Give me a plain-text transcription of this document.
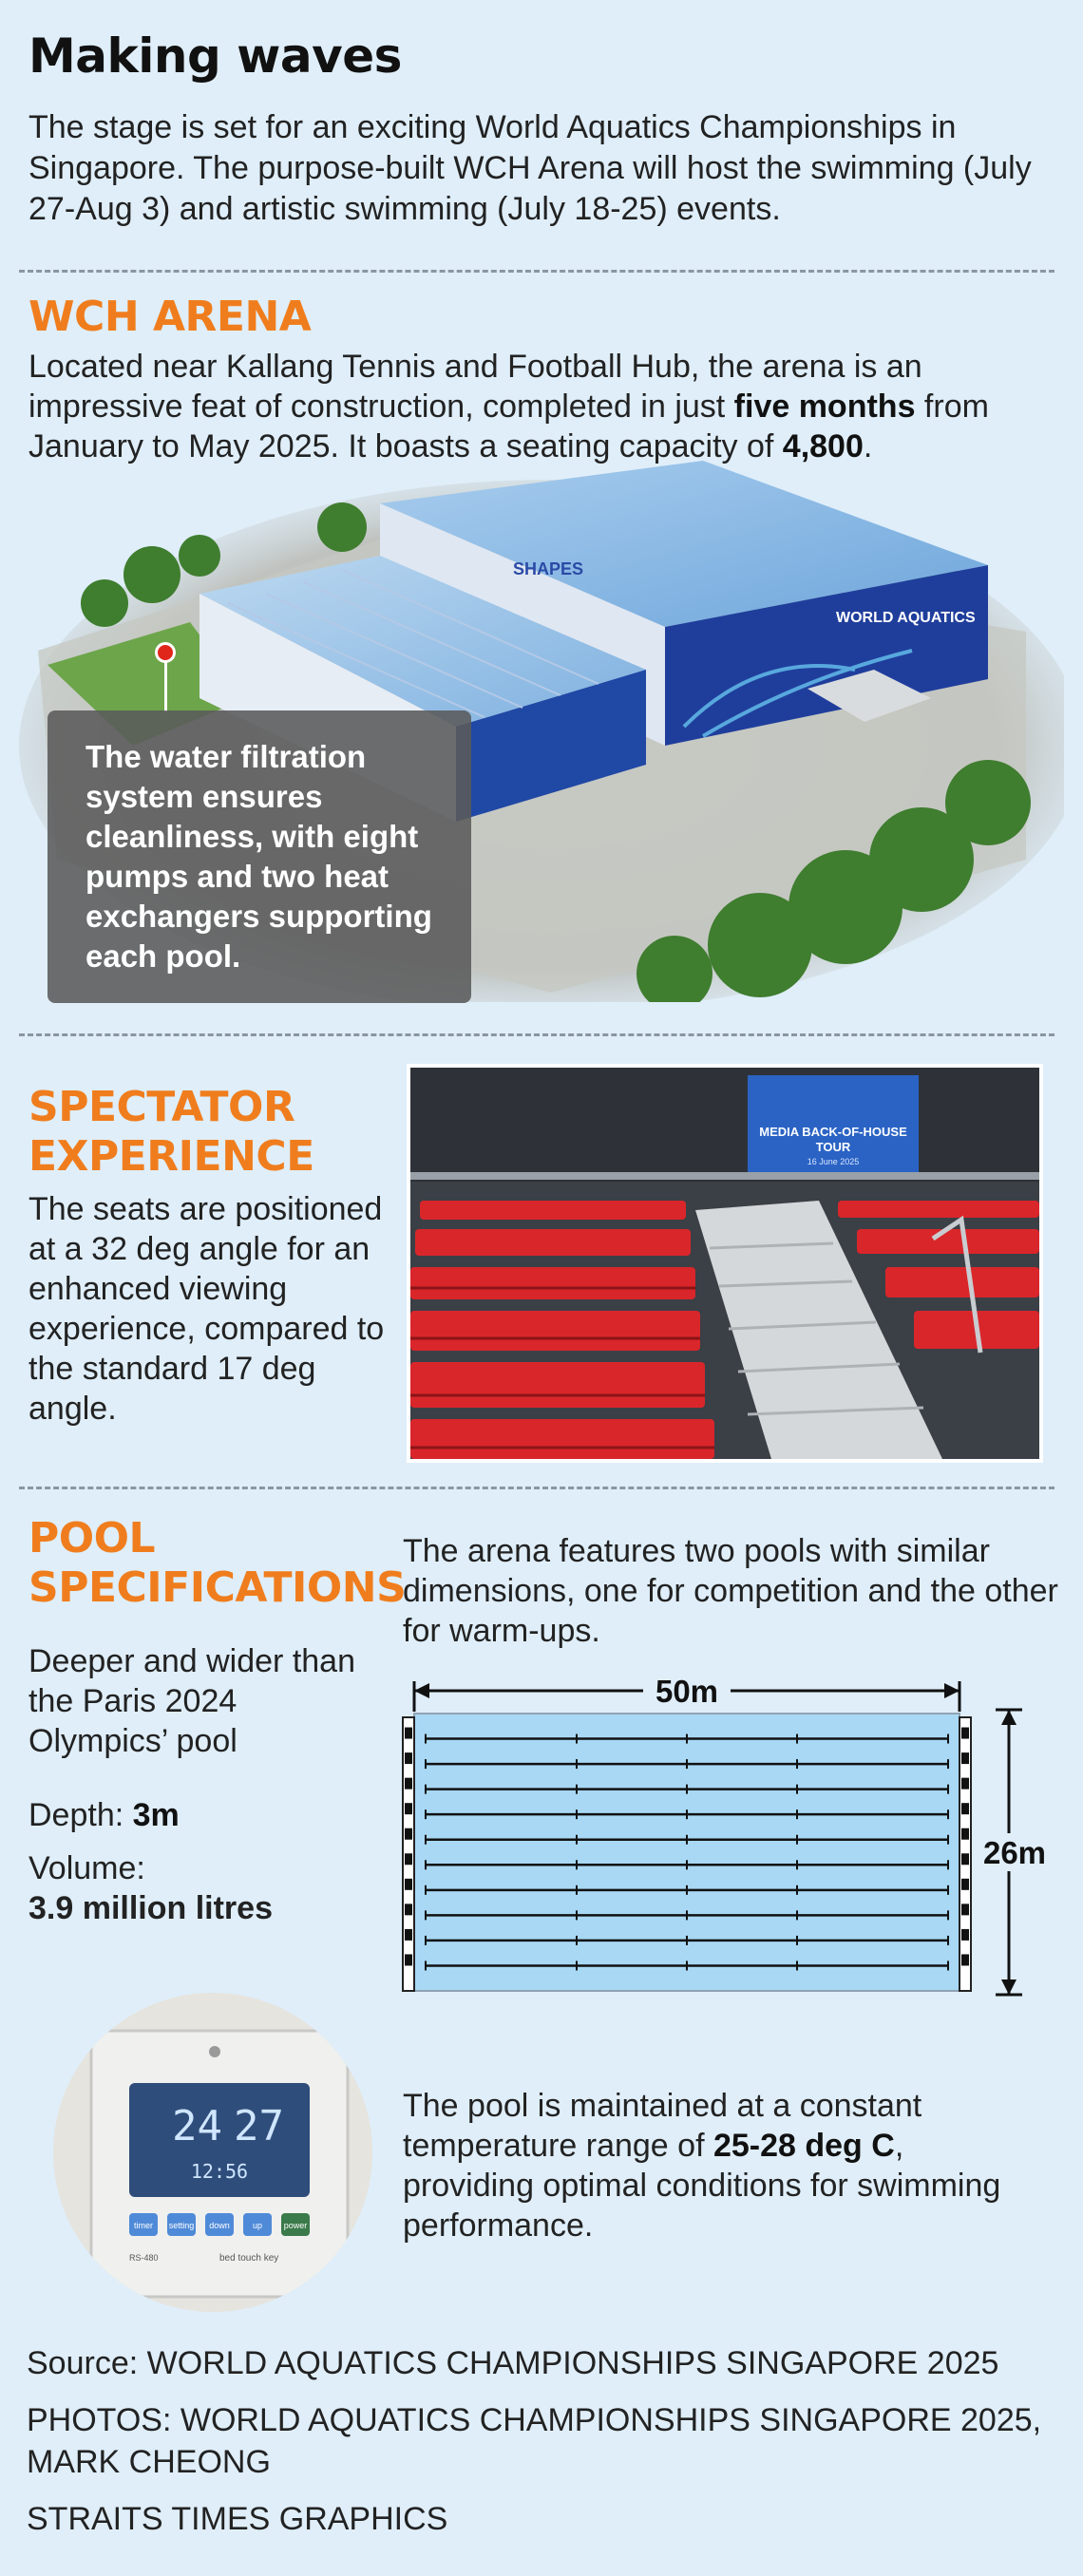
Making waves

The stage is set for an exciting World Aquatics Championships in Singapore. The purpose-built WCH Arena will host the swimming (July 27-Aug 3) and artistic swimming (July 18-25) events.

WCH ARENA

Located near Kallang Tennis and Football Hub, the arena is an impressive feat of construction, completed in just five months from January to May 2025. It boasts a seating capacity of 4,800.

WORLD AQUATICS
SHAPES
The water filtration system ensures cleanliness, with eight pumps and two heat exchangers supporting each pool.
SPECTATOR
EXPERIENCE

The seats are positioned at a 32 deg angle for an enhanced viewing experience, compared to the standard 17 deg angle.

MEDIA BACK-OF-HOUSE
TOUR
16 June 2025
POOL
SPECIFICATIONS

The arena features two pools with similar dimensions, one for competition and the other for warm-ups.

Deeper and wider than the Paris 2024 Olympics’ pool

Depth: 3m

Volume:

3.9 million litres

50m
26m
24 27
12:56
timer setting down	up	power
RS-480	bed touch key

The pool is maintained at a constant temperature range of 25-28 deg C, providing optimal conditions for swimming performance.

Source: WORLD AQUATICS CHAMPIONSHIPS SINGAPORE 2025

PHOTOS: WORLD AQUATICS CHAMPIONSHIPS SINGAPORE 2025,

MARK CHEONG

STRAITS TIMES GRAPHICS
